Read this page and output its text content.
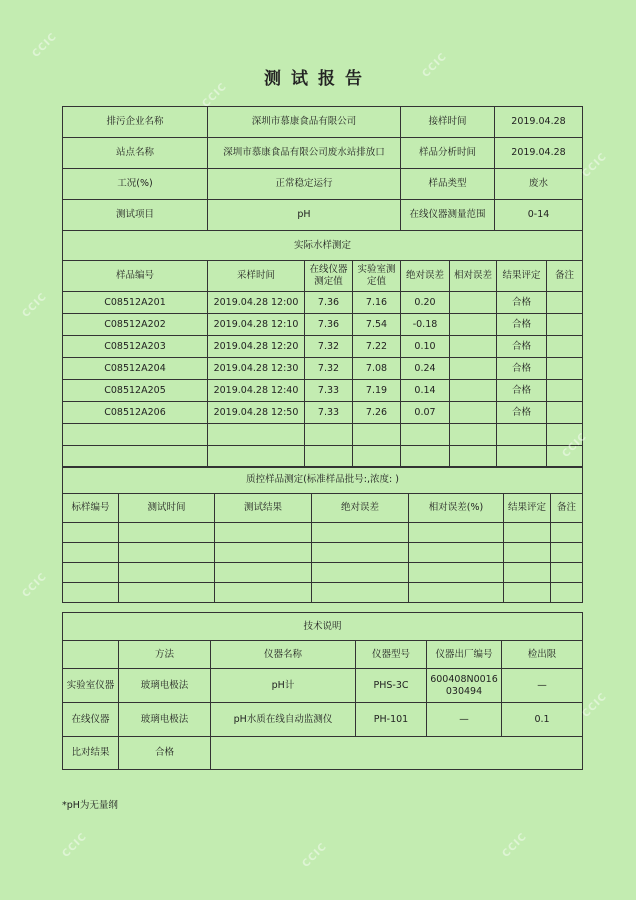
测试报告
排污企业名称	深圳市慕康食品有限公司	接样时间	2019.04.28
站点名称	深圳市慕康食品有限公司废水站排放口	样品分析时间	2019.04.28
工况(%)	正常稳定运行	样品类型	废水
测试项目	pH	在线仪器测量范围	0-14
实际水样测定							
样品编号	采样时间	在线仪器测定值	实验室测定值	绝对误差	相对误差	结果评定	备注
C08512A201	2019.04.28 12:00	7.36	7.16	0.20		合格	
C08512A202	2019.04.28 12:10	7.36	7.54	-0.18		合格	
C08512A203	2019.04.28 12:20	7.32	7.22	0.10		合格	
C08512A204	2019.04.28 12:30	7.32	7.08	0.24		合格	
C08512A205	2019.04.28 12:40	7.33	7.19	0.14		合格	
C08512A206	2019.04.28 12:50	7.33	7.26	0.07		合格	

质控样品测定(标准样品批号:,浓度: )						
标样编号	测试时间	测试结果	绝对误差	相对误差(%)	结果评定	备注

技术说明					
	方法	仪器名称	仪器型号	仪器出厂编号	检出限
实验室仪器	玻璃电极法	pH计	PHS-3C	600408N0016030494	—
在线仪器	玻璃电极法	pH水质在线自动监测仪	PH-101	—	0.1
比对结果	合格				
*pH为无量纲
CCIC
CCIC
CCIC
CCIC
CCIC
CCIC
CCIC
CCIC
CCIC	CCIC	CCIC
